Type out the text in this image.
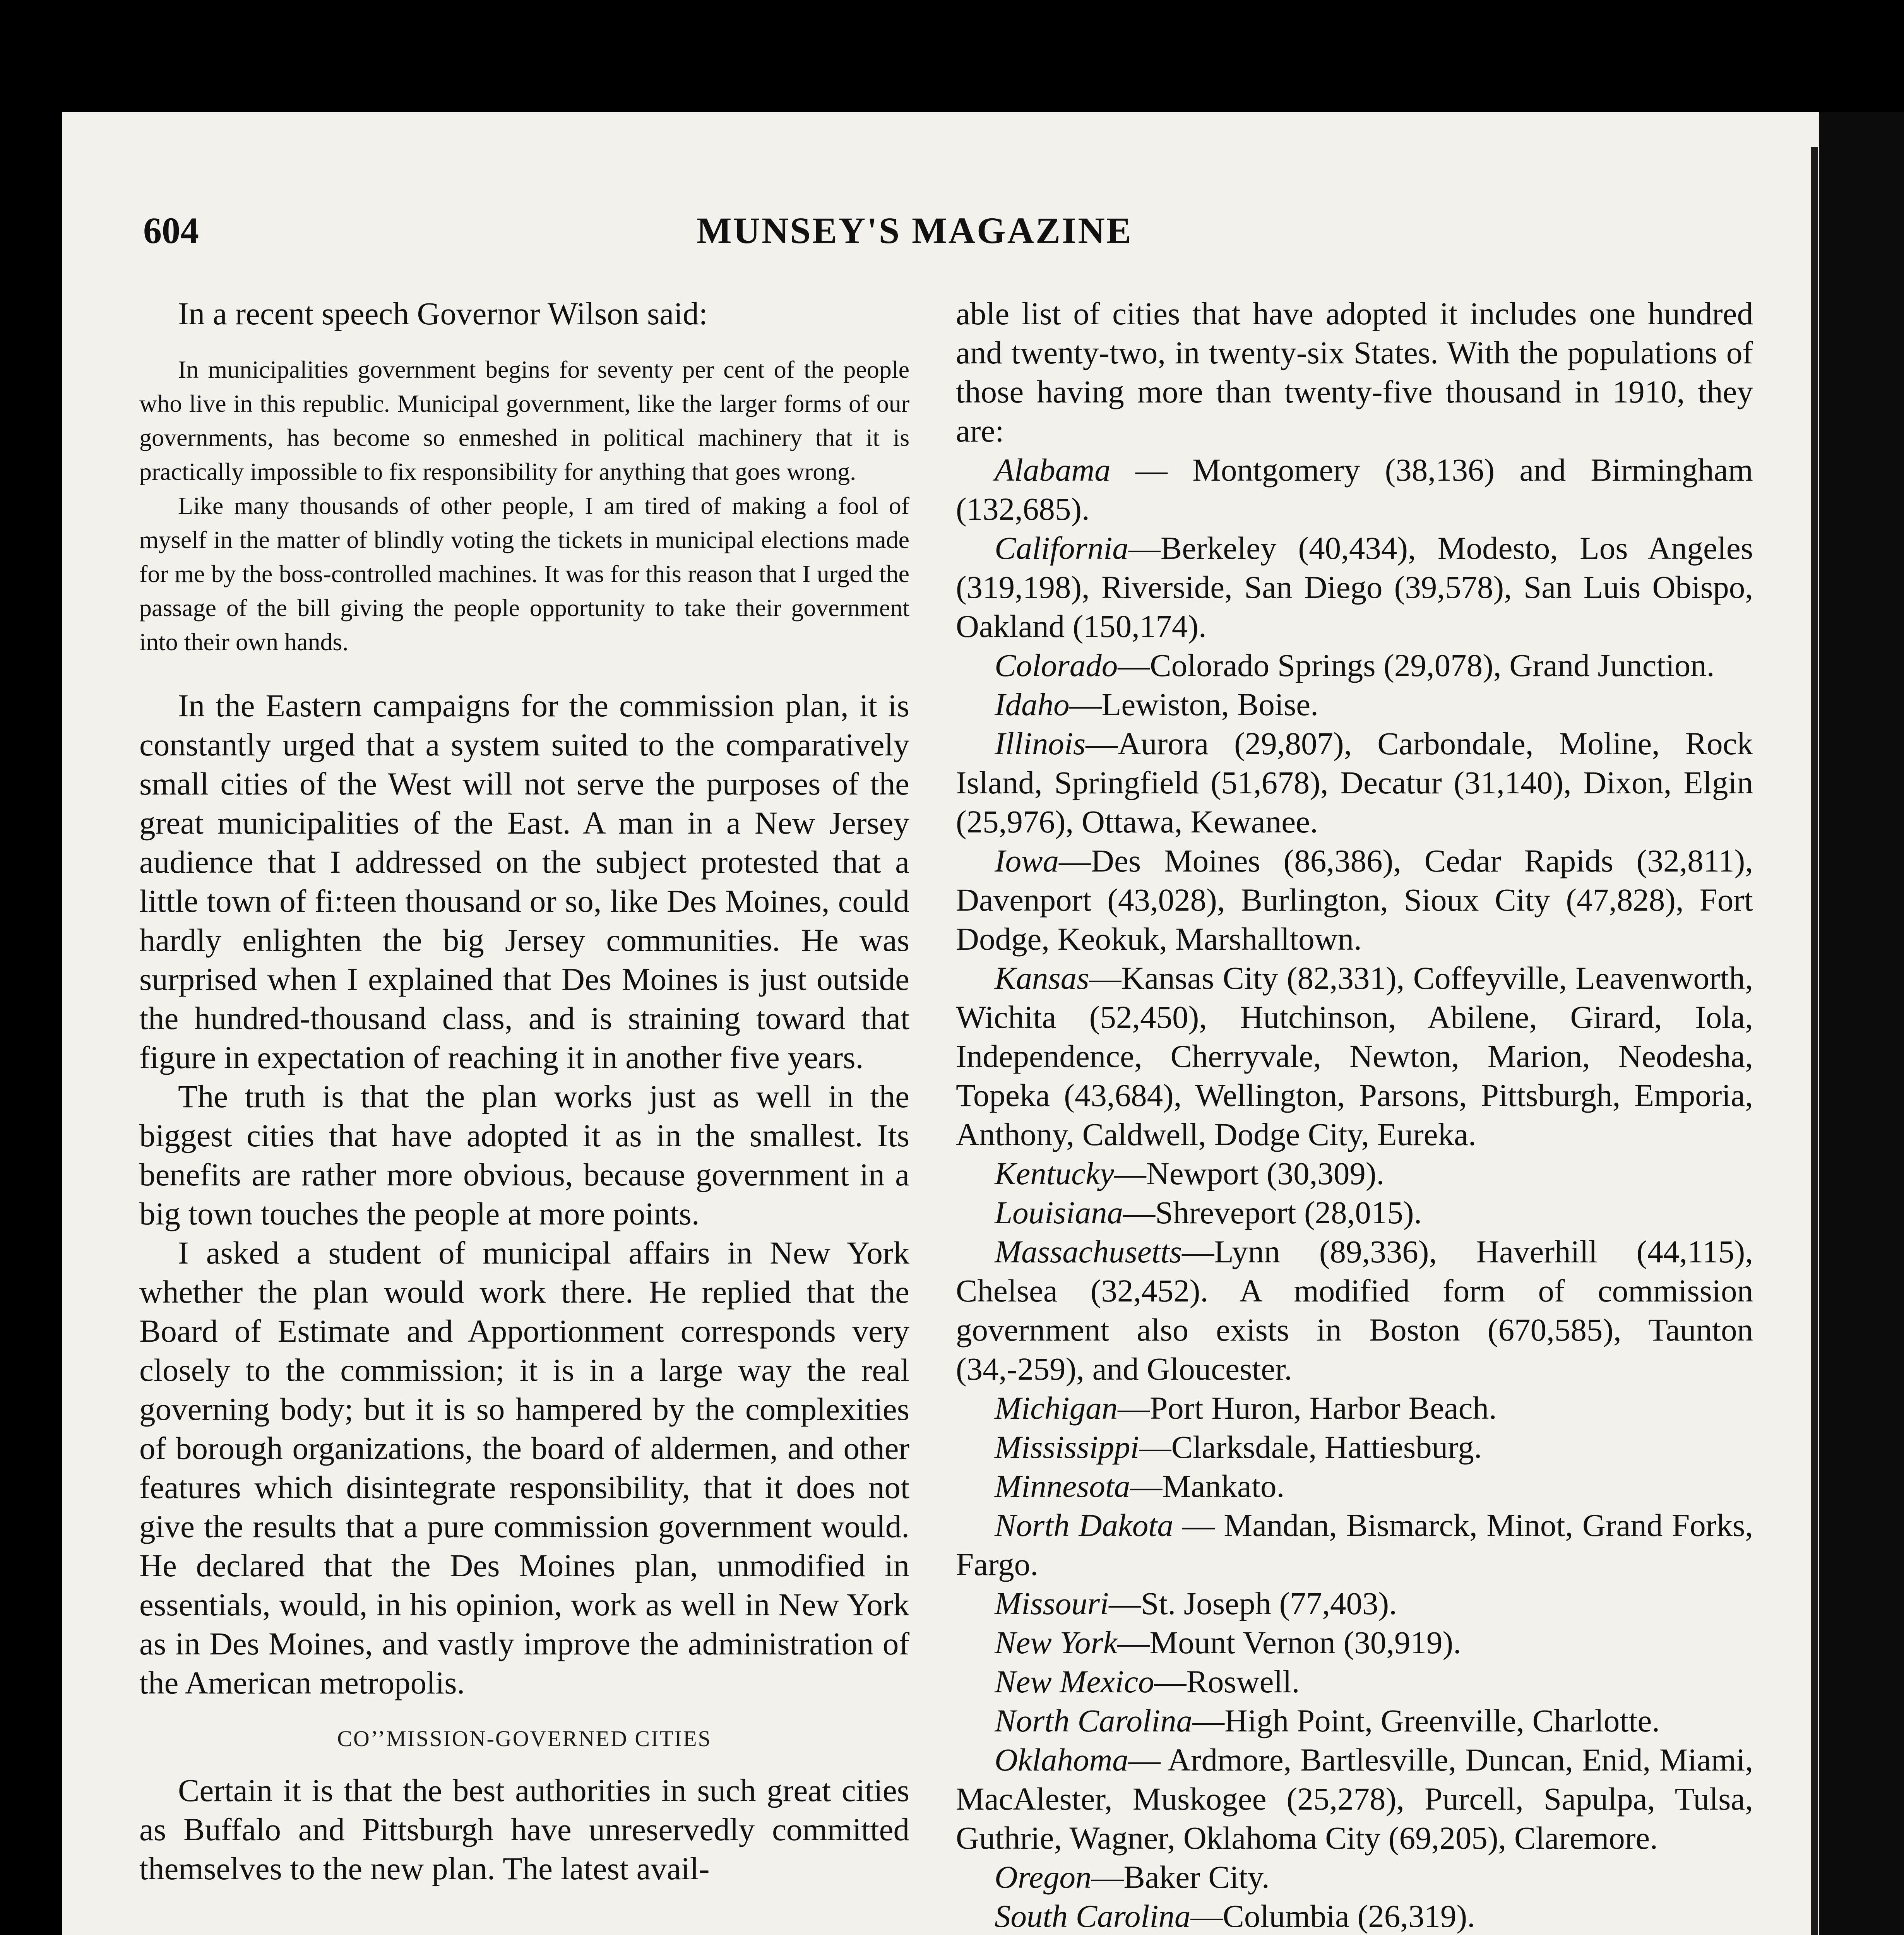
604	MUNSEY'S MAGAZINE

In a recent speech Governor Wilson said:

In municipalities government begins for seventy per cent of the people who live in this republic. Municipal government, like the larger forms of our governments, has become so enmeshed in political machinery that it is practically impossible to fix responsibility for anything that goes wrong.

Like many thousands of other people, I am tired of making a fool of myself in the matter of blindly voting the tickets in municipal elections made for me by the boss-controlled machines. It was for this reason that I urged the passage of the bill giving the people opportunity to take their government into their own hands.

In the Eastern campaigns for the commission plan, it is constantly urged that a system suited to the comparatively small cities of the West will not serve the purposes of the great municipalities of the East. A man in a New Jersey audience that I addressed on the subject protested that a little town of fi:teen thousand or so, like Des Moines, could hardly enlighten the big Jersey communities. He was surprised when I explained that Des Moines is just outside the hundred-thousand class, and is straining toward that figure in expectation of reaching it in another five years.

The truth is that the plan works just as well in the biggest cities that have adopted it as in the smallest. Its benefits are rather more obvious, because government in a big town touches the people at more points.

I asked a student of municipal affairs in New York whether the plan would work there. He replied that the Board of Estimate and Apportionment corresponds very closely to the commission; it is in a large way the real governing body; but it is so hampered by the complexities of borough organizations, the board of aldermen, and other features which disintegrate responsibility, that it does not give the results that a pure commission government would. He declared that the Des Moines plan, unmodified in essentials, would, in his opinion, work as well in New York as in Des Moines, and vastly improve the administration of the American metropolis.

CO’’MISSION-GOVERNED CITIES

Certain it is that the best authorities in such great cities as Buffalo and Pittsburgh have unreservedly committed themselves to the new plan. The latest avail-

able list of cities that have adopted it includes one hundred and twenty-two, in twenty-six States. With the populations of those having more than twenty-five thousand in 1910, they are:

Alabama — Montgomery (38,136) and Birmingham (132,685).

California—Berkeley (40,434), Modesto, Los Angeles (319,198), Riverside, San Diego (39,578), San Luis Obispo, Oakland (150,174).

Colorado—Colorado Springs (29,078), Grand Junction.

Idaho—Lewiston, Boise.

Illinois—Aurora (29,807), Carbondale, Moline, Rock Island, Springfield (51,678), Decatur (31,140), Dixon, Elgin (25,976), Ottawa, Kewanee.

Iowa—Des Moines (86,386), Cedar Rapids (32,811), Davenport (43,028), Burlington, Sioux City (47,828), Fort Dodge, Keokuk, Marshalltown.

Kansas—Kansas City (82,331), Coffeyville, Leavenworth, Wichita (52,450), Hutchinson, Abilene, Girard, Iola, Independence, Cherryvale, Newton, Marion, Neodesha, Topeka (43,684), Wellington, Parsons, Pittsburgh, Emporia, Anthony, Caldwell, Dodge City, Eureka.

Kentucky—Newport (30,309).

Louisiana—Shreveport (28,015).

Massachusetts—Lynn (89,336), Haverhill (44,115), Chelsea (32,452). A modified form of commission government also exists in Boston (670,585), Taunton (34,-259), and Gloucester.

Michigan—Port Huron, Harbor Beach.

Mississippi—Clarksdale, Hattiesburg.

Minnesota—Mankato.

North Dakota — Mandan, Bismarck, Minot, Grand Forks, Fargo.

Missouri—St. Joseph (77,403).

New York—Mount Vernon (30,919).

New Mexico—Roswell.

North Carolina—High Point, Greenville, Charlotte.

Oklahoma— Ardmore, Bartlesville, Duncan, Enid, Miami, MacAlester, Muskogee (25,278), Purcell, Sapulpa, Tulsa, Guthrie, Wagner, Oklahoma City (69,205), Claremore.

Oregon—Baker City.

South Carolina—Columbia (26,319).
